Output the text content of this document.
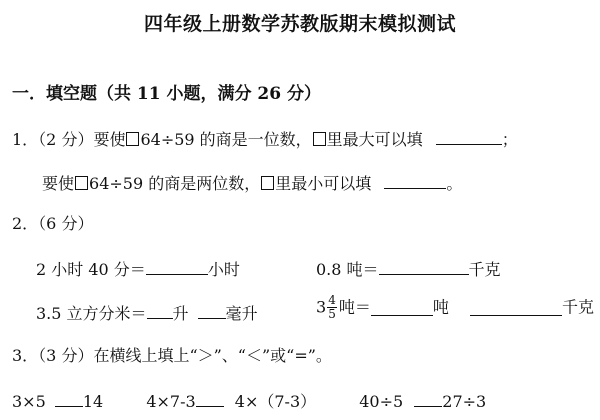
四年级上册数学苏教版期末模拟测试
一．填空题（共 11 小题，满分 26 分）
1．（2 分）要使 64÷59 的商是一位数， 里最大可以填	；
要使 64÷59 的商是两位数， 里最小可以填	。
2．（6 分）
2 小时 40 分＝	小时	0.8 吨＝	千克
3.5 立方分米＝ 升 毫升	$3 \frac{4}{5}$ 吨＝	吨	千克
3．（3 分）在横线上填上“＞”、“＜”或“=”。
3×5 14	4×7-3 4×（7-3）	40÷5 27÷3
